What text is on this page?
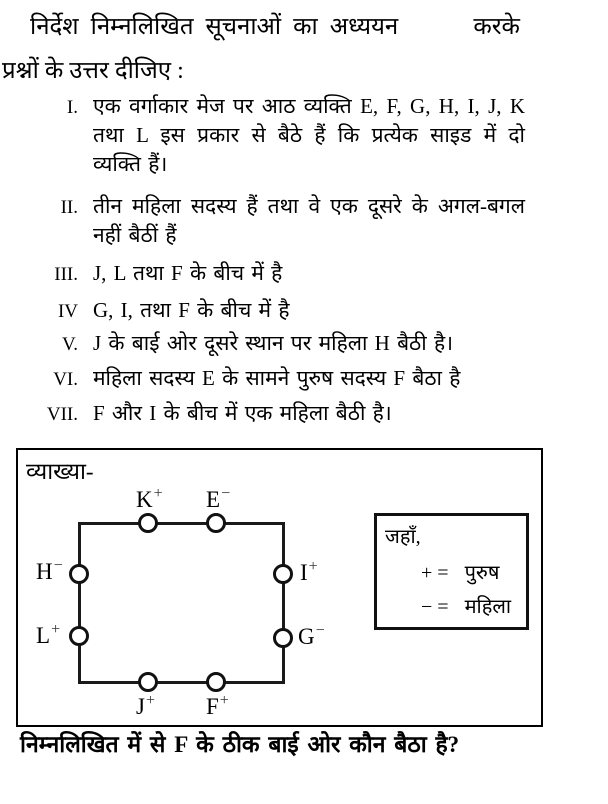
निर्देश निम्नलिखित सूचनाओं का अध्ययन	करके
प्रश्नों के उत्तर दीजिए :
I. एक वर्गाकार मेज पर आठ व्यक्ति E, F, G, H, I, J, K तथा L इस प्रकार से बैठे हैं कि प्रत्येक साइड में दो व्यक्ति हैं।
II. तीन महिला सदस्य हैं तथा वे एक दूसरे के अगल-बगल नहीं बैठीं हैं
III. J, L तथा F के बीच में है
IV G, I, तथा F के बीच में है
V. J के बाई ओर दूसरे स्थान पर महिला H बैठी है।
VI. महिला सदस्य E के सामने पुरुष सदस्य F बैठा है
VII. F और I के बीच में एक महिला बैठी है।
व्याख्या-
K+ E−
H−
L+
I+
G−
J+ F+
जहाँ,
+ = पुरुष
− = महिला
निम्नलिखित में से F के ठीक बाई ओर कौन बैठा है?
